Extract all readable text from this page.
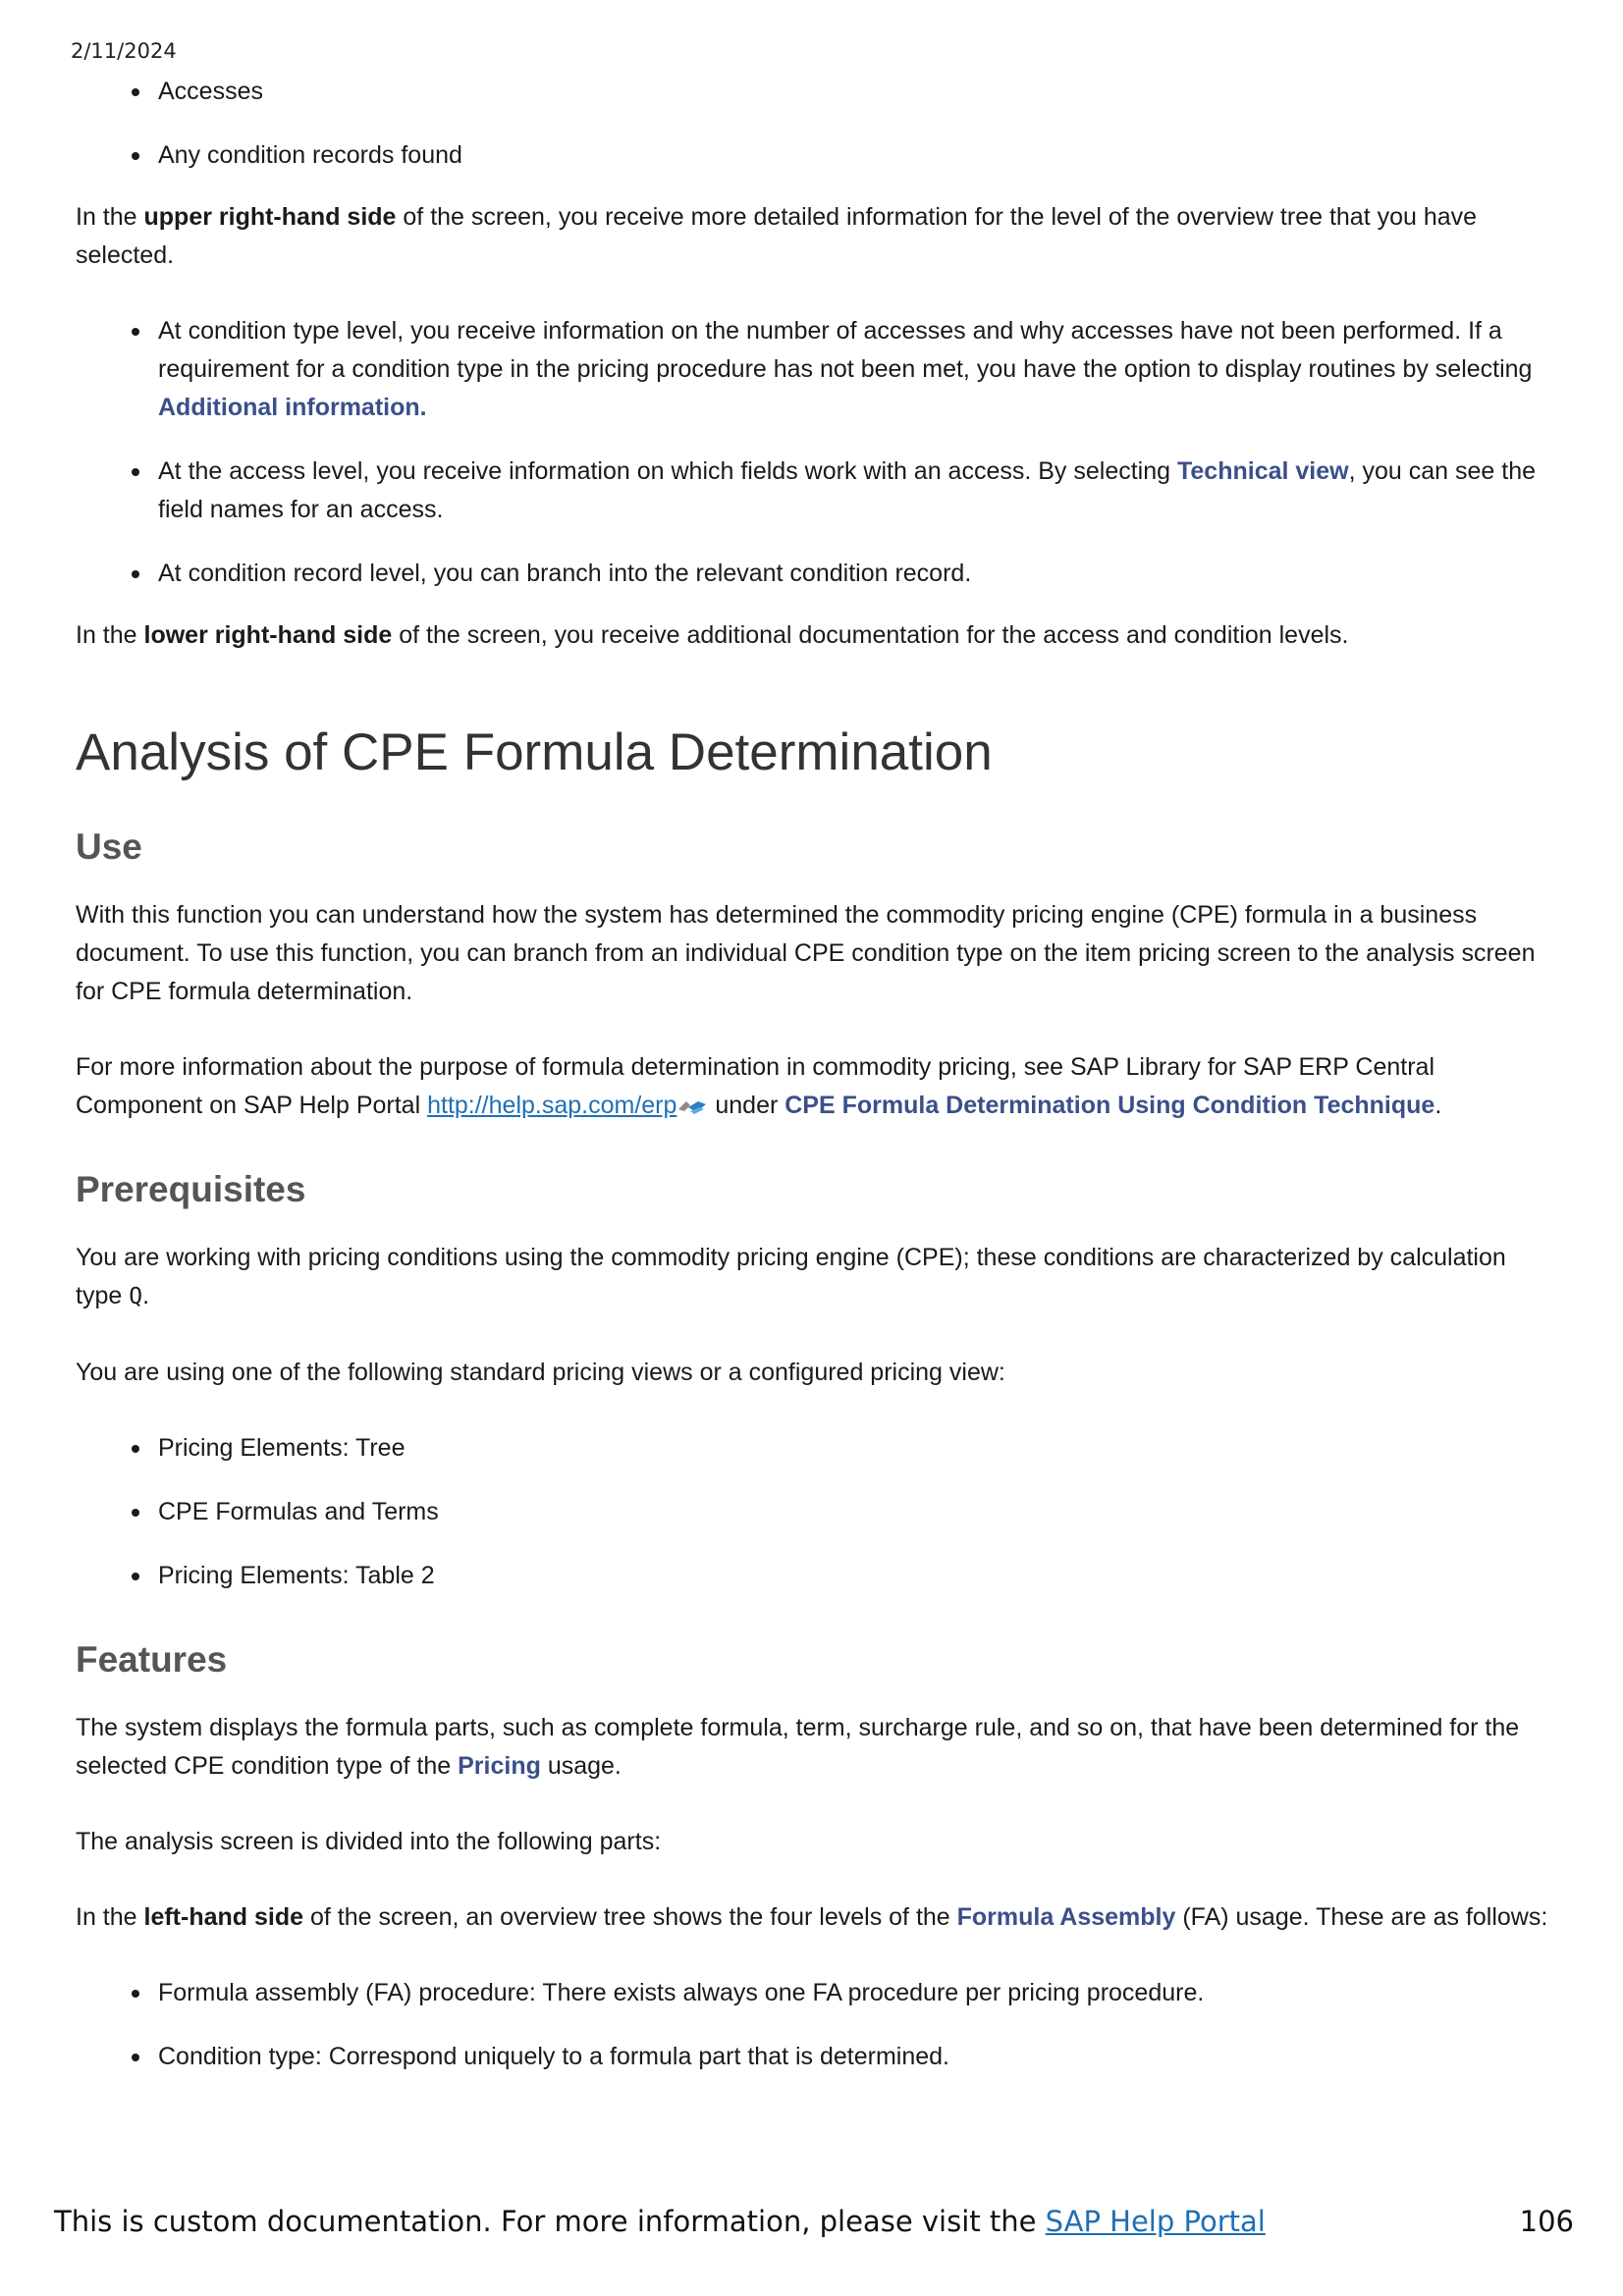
2/11/2024
Accesses
Any condition records found

In the upper right-hand side of the screen, you receive more detailed information for the level of the overview tree that you have selected.

At condition type level, you receive information on the number of accesses and why accesses have not been performed. If a requirement for a condition type in the pricing procedure has not been met, you have the option to display routines by selecting Additional information.
At the access level, you receive information on which fields work with an access. By selecting Technical view, you can see the field names for an access.
At condition record level, you can branch into the relevant condition record.

In the lower right-hand side of the screen, you receive additional documentation for the access and condition levels.

Analysis of CPE Formula Determination
Use

With this function you can understand how the system has determined the commodity pricing engine (CPE) formula in a business document. To use this function, you can branch from an individual CPE condition type on the item pricing screen to the analysis screen for CPE formula determination.

For more information about the purpose of formula determination in commodity pricing, see SAP Library for SAP ERP Central Component on SAP Help Portal http://help.sap.com/erp under CPE Formula Determination Using Condition Technique.

Prerequisites

You are working with pricing conditions using the commodity pricing engine (CPE); these conditions are characterized by calculation type Q.

You are using one of the following standard pricing views or a configured pricing view:

Pricing Elements: Tree
CPE Formulas and Terms
Pricing Elements: Table 2
Features

The system displays the formula parts, such as complete formula, term, surcharge rule, and so on, that have been determined for the selected CPE condition type of the Pricing usage.

The analysis screen is divided into the following parts:

In the left-hand side of the screen, an overview tree shows the four levels of the Formula Assembly (FA) usage. These are as follows:

Formula assembly (FA) procedure: There exists always one FA procedure per pricing procedure.
Condition type: Correspond uniquely to a formula part that is determined.
This is custom documentation. For more information, please visit the SAP Help Portal	106
